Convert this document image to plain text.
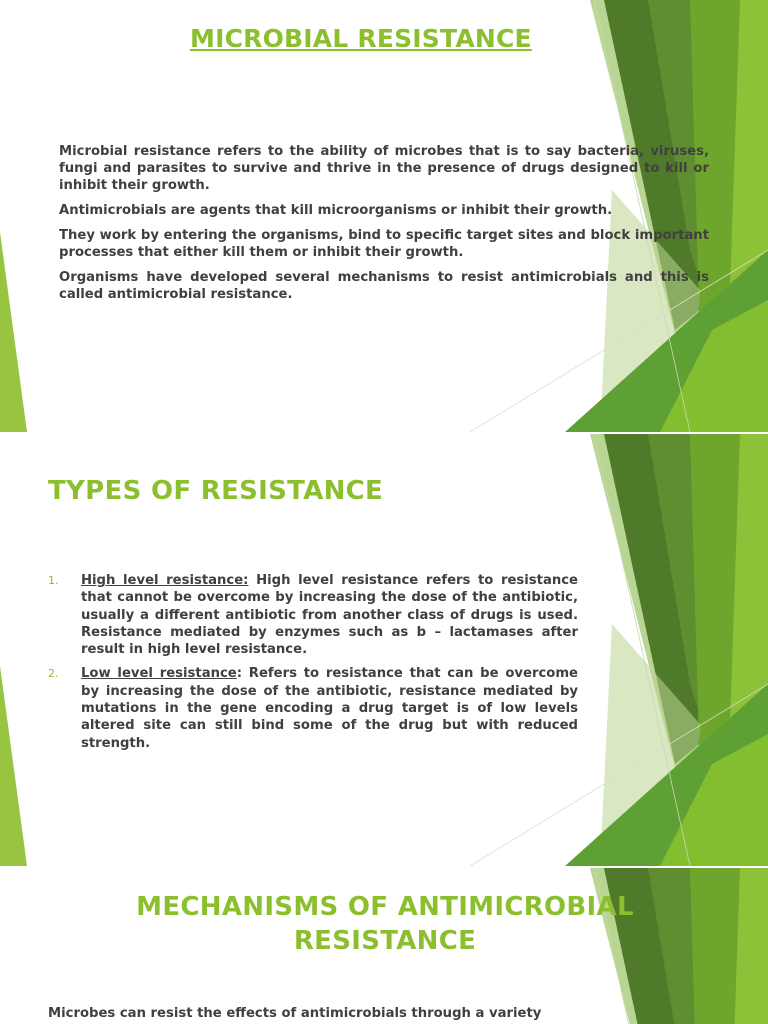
MICROBIAL RESISTANCE

Microbial resistance refers to the ability of microbes that is to say bacteria, viruses, fungi and parasites to survive and thrive in the presence of drugs designed to kill or inhibit their growth.

Antimicrobials are agents that kill microorganisms or inhibit their growth.

They work by entering the organisms, bind to specific target sites and block important processes that either kill them or inhibit their growth.

Organisms have developed several mechanisms to resist antimicrobials and this is called antimicrobial resistance.

TYPES OF RESISTANCE
1. High level resistance: High level resistance refers to resistance that cannot be overcome by increasing the dose of the antibiotic, usually a different antibiotic from another class of drugs is used. Resistance mediated by enzymes such as b – lactamases after result in high level resistance.
2. Low level resistance: Refers to resistance that can be overcome by increasing the dose of the antibiotic, resistance mediated by mutations in the gene encoding a drug target is of low levels altered site can still bind some of the drug but with reduced strength.
MECHANISMS OF ANTIMICROBIAL RESISTANCE

Microbes can resist the effects of antimicrobials through a variety
